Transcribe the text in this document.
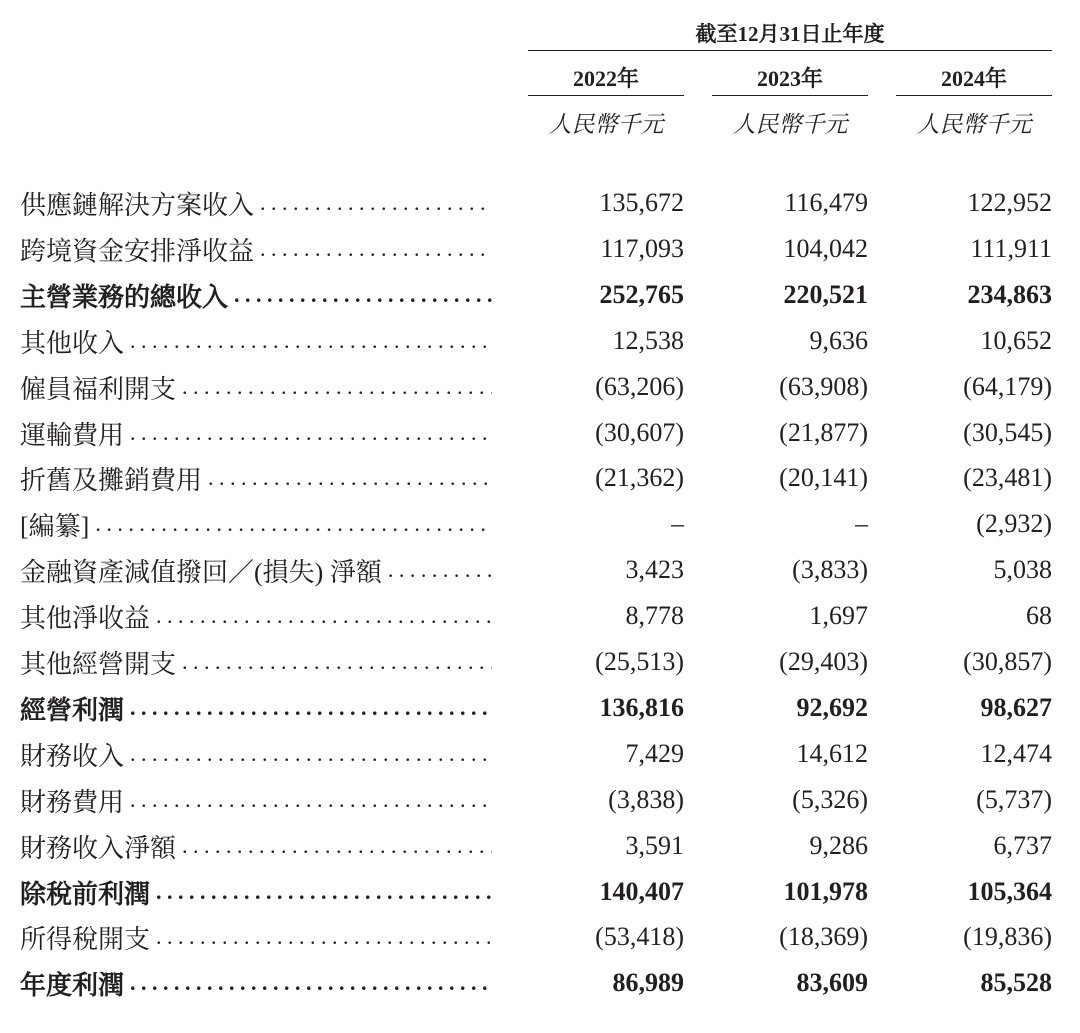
截至12月31日止年度
2022年	2023年	2024年
人民幣千元	人民幣千元	人民幣千元
供應鏈解決方案收入 . . .	135,672	116,479	122,952
跨境資金安排淨收益 . . .	117,093	104,042	111,911
主營業務的總收入 . . .	252,765	220,521	234,863
其他收入 . . .	12,538	9,636	10,652
僱員福利開支 . . .	(63,206)	(63,908)	(64,179)
運輸費用 . . .	(30,607)	(21,877)	(30,545)
折舊及攤銷費用 . . .	(21,362)	(20,141)	(23,481)
[編纂] . . .	–	–	(2,932)
金融資產減值撥回／(損失) 淨額 . . .	3,423	(3,833)	5,038
其他淨收益 . . .	8,778	1,697	68
其他經營開支 . . .	(25,513)	(29,403)	(30,857)
經營利潤 . . .	136,816	92,692	98,627
財務收入 . . .	7,429	14,612	12,474
財務費用 . . .	(3,838)	(5,326)	(5,737)
財務收入淨額 . . .	3,591	9,286	6,737
除稅前利潤 . . .	140,407	101,978	105,364
所得稅開支 . . .	(53,418)	(18,369)	(19,836)
年度利潤 . . .	86,989	83,609	85,528
